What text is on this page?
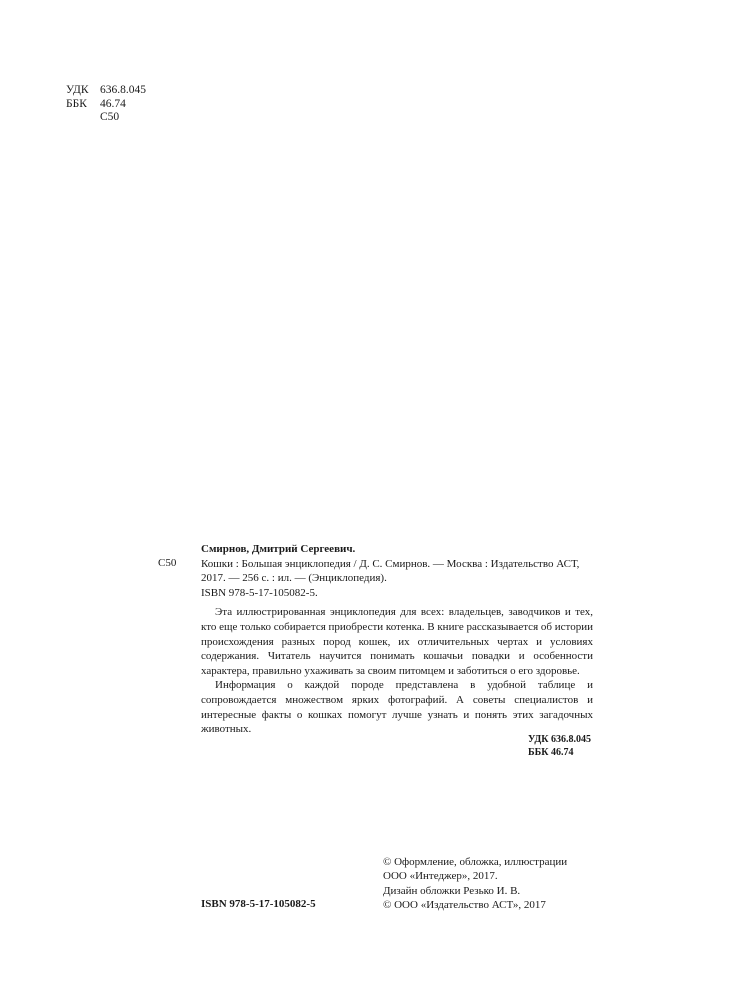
УДК 636.8.045
ББК 46.74
С50
С50

Смирнов, Дмитрий Сергеевич.

Кошки : Большая энциклопедия / Д. С. Смирнов. — Москва : Издательство АСТ, 2017. — 256 с. : ил. — (Энциклопедия).

ISBN 978-5-17-105082-5.

Эта иллюстрированная энциклопедия для всех: владельцев, заводчиков и тех, кто еще только собирается приобрести котенка. В книге рассказывается об истории происхождения разных пород кошек, их отличительных чертах и условиях содержания. Читатель научится понимать кошачьи повадки и особенности характера, правильно ухаживать за своим питомцем и заботиться о его здоровье.

Информация о каждой породе представлена в удобной таблице и сопровождается множеством ярких фотографий. А советы специалистов и интересные факты о кошках помогут лучше узнать и понять этих загадочных животных.

УДК 636.8.045
ББК 46.74
© Оформление, обложка, иллюстрации
ООО «Интеджер», 2017.
Дизайн обложки Резько И. В.
© ООО «Издательство АСТ», 2017
ISBN 978-5-17-105082-5
